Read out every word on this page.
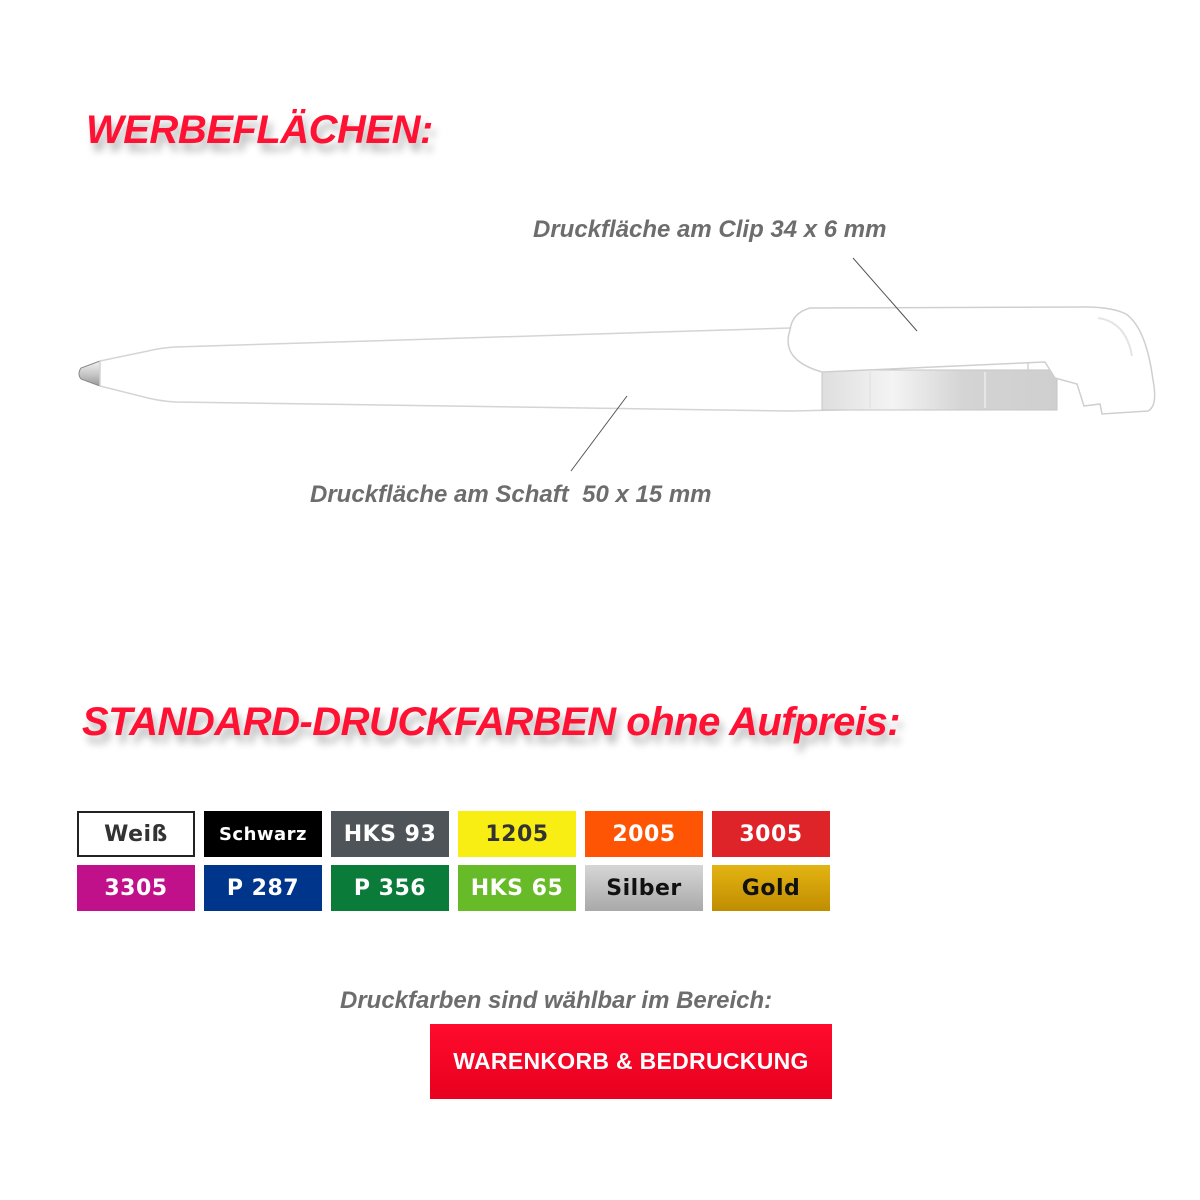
WERBEFLÄCHEN:
Druckfläche am Clip 34 x 6 mm
Druckfläche am Schaft  50 x 15 mm
STANDARD-DRUCKFARBEN ohne Aufpreis:
Weiß	Schwarz	HKS 93	1205	2005	3005
3305	P 287	P 356	HKS 65	Silber	Gold
Druckfarben sind wählbar im Bereich:
WARENKORB & BEDRUCKUNG
